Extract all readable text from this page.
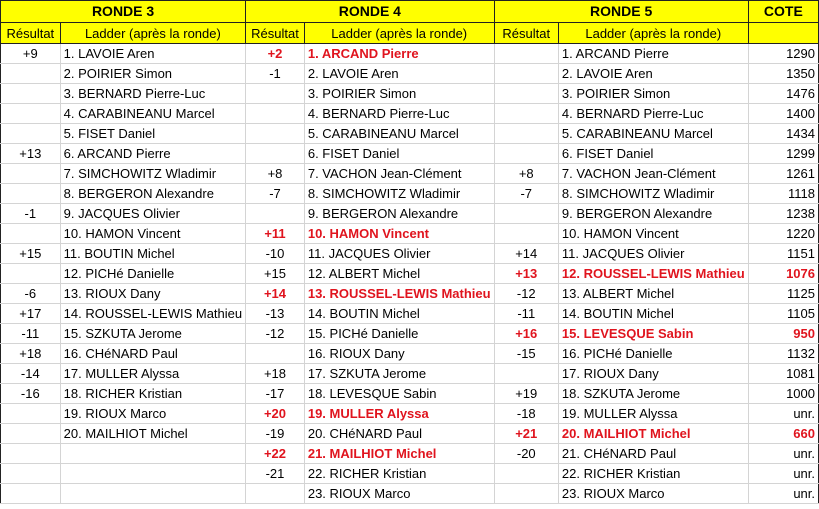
RONDE 3		RONDE 4		RONDE 5		COTE
Résultat	Ladder (après la ronde)	Résultat	Ladder (après la ronde)	Résultat	Ladder (après la ronde)	
+9	1. LAVOIE Aren	+2	1. ARCAND Pierre		1. ARCAND Pierre	1290
	2. POIRIER Simon	-1	2. LAVOIE Aren		2. LAVOIE Aren	1350
	3. BERNARD Pierre-Luc		3. POIRIER Simon		3. POIRIER Simon	1476
	4. CARABINEANU Marcel		4. BERNARD Pierre-Luc		4. BERNARD Pierre-Luc	1400
	5. FISET Daniel		5. CARABINEANU Marcel		5. CARABINEANU Marcel	1434
+13	6. ARCAND Pierre		6. FISET Daniel		6. FISET Daniel	1299
	7. SIMCHOWITZ Wladimir	+8	7. VACHON Jean-Clément	+8	7. VACHON Jean-Clément	1261
	8. BERGERON Alexandre	-7	8. SIMCHOWITZ Wladimir	-7	8. SIMCHOWITZ Wladimir	1118
-1	9. JACQUES Olivier		9. BERGERON Alexandre		9. BERGERON Alexandre	1238
	10. HAMON Vincent	+11	10. HAMON Vincent		10. HAMON Vincent	1220
+15	11. BOUTIN Michel	-10	11. JACQUES Olivier	+14	11. JACQUES Olivier	1151
	12. PICHé Danielle	+15	12. ALBERT Michel	+13	12. ROUSSEL-LEWIS Mathieu	1076
-6	13. RIOUX Dany	+14	13. ROUSSEL-LEWIS Mathieu	-12	13. ALBERT Michel	1125
+17	14. ROUSSEL-LEWIS Mathieu	-13	14. BOUTIN Michel	-11	14. BOUTIN Michel	1105
-11	15. SZKUTA Jerome	-12	15. PICHé Danielle	+16	15. LEVESQUE Sabin	950
+18	16. CHéNARD Paul		16. RIOUX Dany	-15	16. PICHé Danielle	1132
-14	17. MULLER Alyssa	+18	17. SZKUTA Jerome		17. RIOUX Dany	1081
-16	18. RICHER Kristian	-17	18. LEVESQUE Sabin	+19	18. SZKUTA Jerome	1000
	19. RIOUX Marco	+20	19. MULLER Alyssa	-18	19. MULLER Alyssa	unr.
	20. MAILHIOT Michel	-19	20. CHéNARD Paul	+21	20. MAILHIOT Michel	660
		+22	21. MAILHIOT Michel	-20	21. CHéNARD Paul	unr.
		-21	22. RICHER Kristian		22. RICHER Kristian	unr.
			23. RIOUX Marco		23. RIOUX Marco	unr.
